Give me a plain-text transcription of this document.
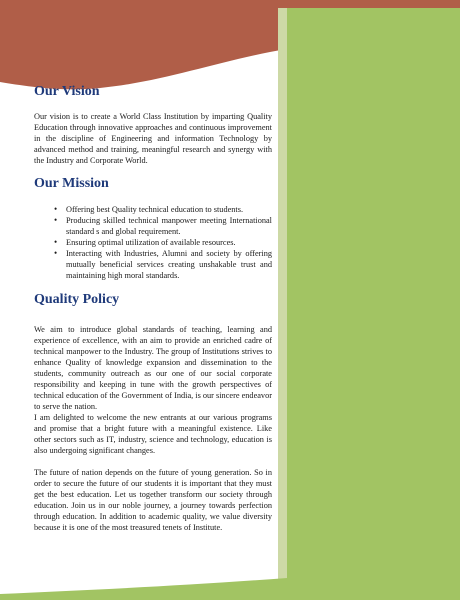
Our Vision

Our vision is to create a World Class Institution by imparting Quality Education through innovative approaches and continuous improvement in the discipline of Engineering and information Technology by advanced method and training, meaningful research and synergy with the Industry and Corporate World.

Our Mission
• Offering best Quality technical education to students.
• Producing skilled technical manpower meeting International standard s and global requirement.
• Ensuring optimal utilization of available resources.
• Interacting with Industries, Alumni and society by offering mutually beneficial services creating unshakable trust and maintaining high moral standards.
Quality Policy

We aim to introduce global standards of teaching, learning and experience of excellence, with an aim to provide an enriched cadre of technical manpower to the Industry. The group of Institutions strives to enhance Quality of knowledge expansion and dissemination to the students, community outreach as our one of our social corporate responsibility and keeping in tune with the growth perspectives of technical education of the Government of India, is our sincere endeavor to serve the nation.

I am delighted to welcome the new entrants at our various programs and promise that a bright future with a meaningful existence. Like other sectors such as IT, industry, science and technology, education is also undergoing significant changes.

The future of nation depends on the future of young generation. So in order to secure the future of our students it is important that they must get the best education. Let us together transform our society through education. Join us in our noble journey, a journey towards perfection through education. In addition to academic quality, we value diversity because it is one of the most treasured tenets of Institute.
